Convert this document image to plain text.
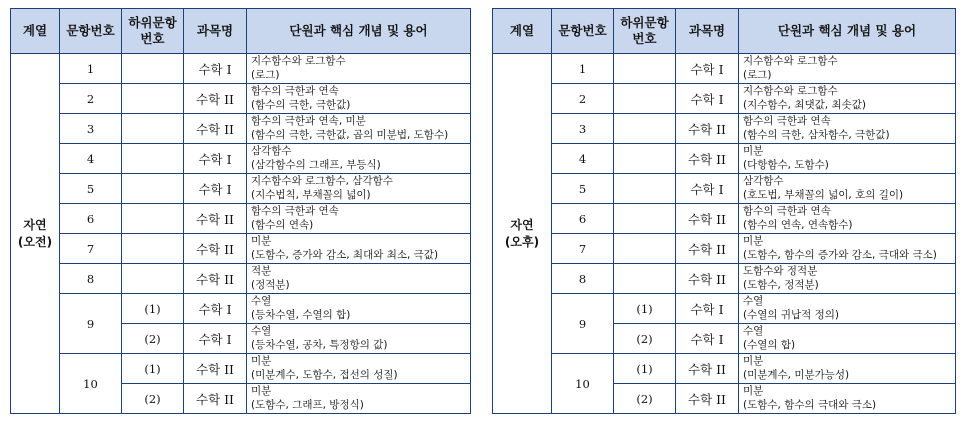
계열	문항번호	하위문항
번호	과목명	단원과 핵심 개념 및 용어
자연
(오전)	1		수학 I	지수함수와 로그함수
(로그)

	2		수학 II	함수의 극한과 연속
(함수의 극한, 극한값)

	3		수학 II	함수의 극한과 연속, 미분
(함수의 극한, 극한값, 곱의 미분법, 도함수)

	4		수학 I	삼각함수
(삼각함수의 그래프, 부등식)

	5		수학 I	지수함수와 로그함수, 삼각함수
(지수법칙, 부채꼴의 넓이)

	6		수학 II	함수의 극한과 연속
(함수의 연속)

	7		수학 II	미분
(도함수, 증가와 감소, 최대와 최소, 극값)

	8		수학 II	적분
(정적분)

	9	(1)	수학 I	수열
(등차수열, 수열의 합)

		(2)	수학 I	수열
(등차수열, 공차, 특정항의 값)

	10	(1)	수학 II	미분
(미분계수, 도함수, 접선의 성질)

		(2)	수학 II	미분
(도함수, 그래프, 방정식)
계열	문항번호	하위문항
번호	과목명	단원과 핵심 개념 및 용어
자연
(오후)	1		수학 I	지수함수와 로그함수
(로그)

	2		수학 I	지수함수와 로그함수
(지수함수, 최댓값, 최솟값)

	3		수학 II	함수의 극한과 연속
(함수의 극한, 삼차함수, 극한값)

	4		수학 II	미분
(다항함수, 도함수)

	5		수학 I	삼각함수
(호도법, 부채꼴의 넓이, 호의 길이)

	6		수학 II	함수의 극한과 연속
(함수의 연속, 연속함수)

	7		수학 II	미분
(도함수, 함수의 증가와 감소, 극대와 극소)

	8		수학 II	도함수와 정적분
(도함수, 정적분)

	9	(1)	수학 I	수열
(수열의 귀납적 정의)

		(2)	수학 I	수열
(수열의 합)

	10	(1)	수학 II	미분
(미분계수, 미분가능성)

		(2)	수학 II	미분
(도함수, 함수의 극대와 극소)
